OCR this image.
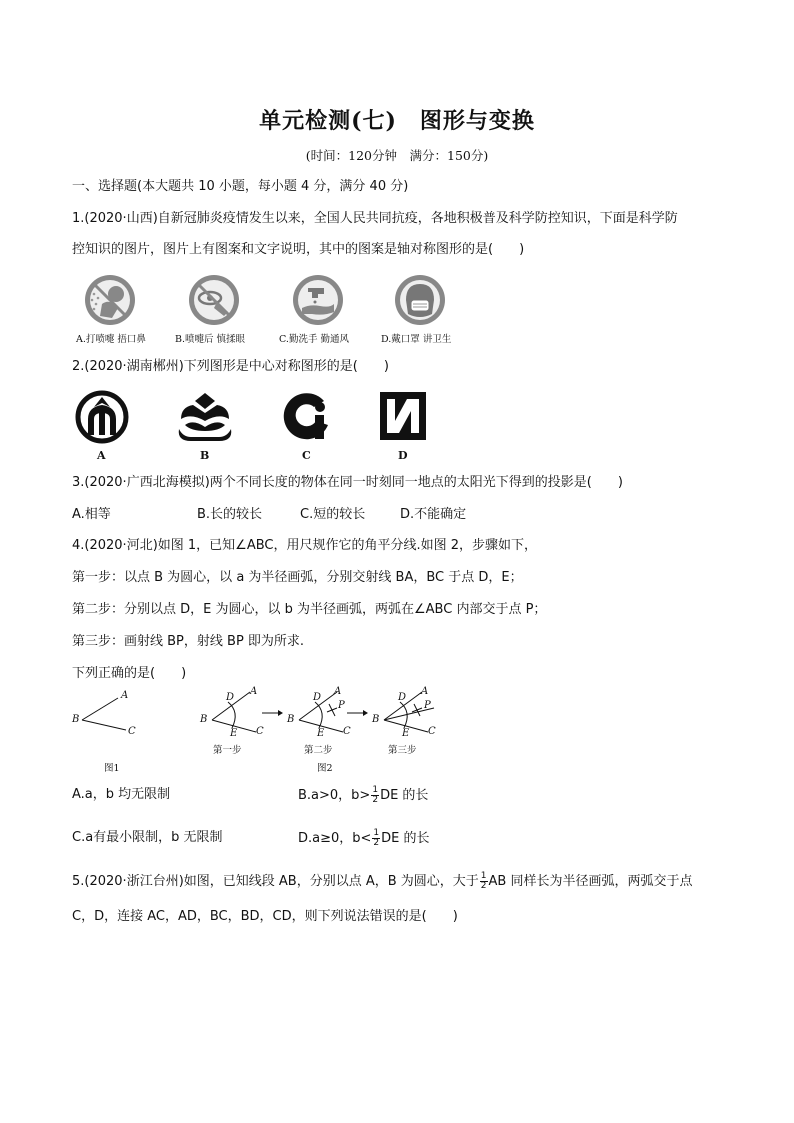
单元检测(七)　图形与变换
(时间：120分钟　满分：150分)
一、选择题(本大题共 10 小题，每小题 4 分，满分 40 分)
1.(2020·山西)自新冠肺炎疫情发生以来，全国人民共同抗疫，各地积极普及科学防控知识，下面是科学防
控知识的图片，图片上有图案和文字说明，其中的图案是轴对称图形的是(　　)
A.打喷嚏 捂口鼻	B.喷嚏后 慎揉眼	C.勤洗手 勤通风	D.戴口罩 讲卫生
2.(2020·湖南郴州)下列图形是中心对称图形的是(　　)
A	B	C	D
3.(2020·广西北海模拟)两个不同长度的物体在同一时刻同一地点的太阳光下得到的投影是(　　)
A.相等	B.长的较长	C.短的较长	D.不能确定
4.(2020·河北)如图 1，已知∠ABC，用尺规作它的角平分线.如图 2，步骤如下，
第一步：以点 B 为圆心，以 a 为半径画弧，分别交射线 BA，BC 于点 D，E；
第二步：分别以点 D，E 为圆心，以 b 为半径画弧，两弧在∠ABC 内部交于点 P；
第三步：画射线 BP，射线 BP 即为所求.
下列正确的是(　　)
B
A
C
图1
B
D
A
E C
第一步
B
D
A
P
E C
第二步
B
D
A
P
E C
第三步
图2
A.a，b 均无限制	B.a>0，$b> \frac{1}{2}$ DE 的长
C.a有最小限制，b 无限制	D.a≥0，$b< \frac{1}{2}$ DE 的长
5.(2020·浙江台州)如图，已知线段 AB，分别以点 A，B 为圆心，大于 $\frac{1}{2}$ AB 同样长为半径画弧，两弧交于点
C，D，连接 AC，AD，BC，BD，CD，则下列说法错误的是(　　)
